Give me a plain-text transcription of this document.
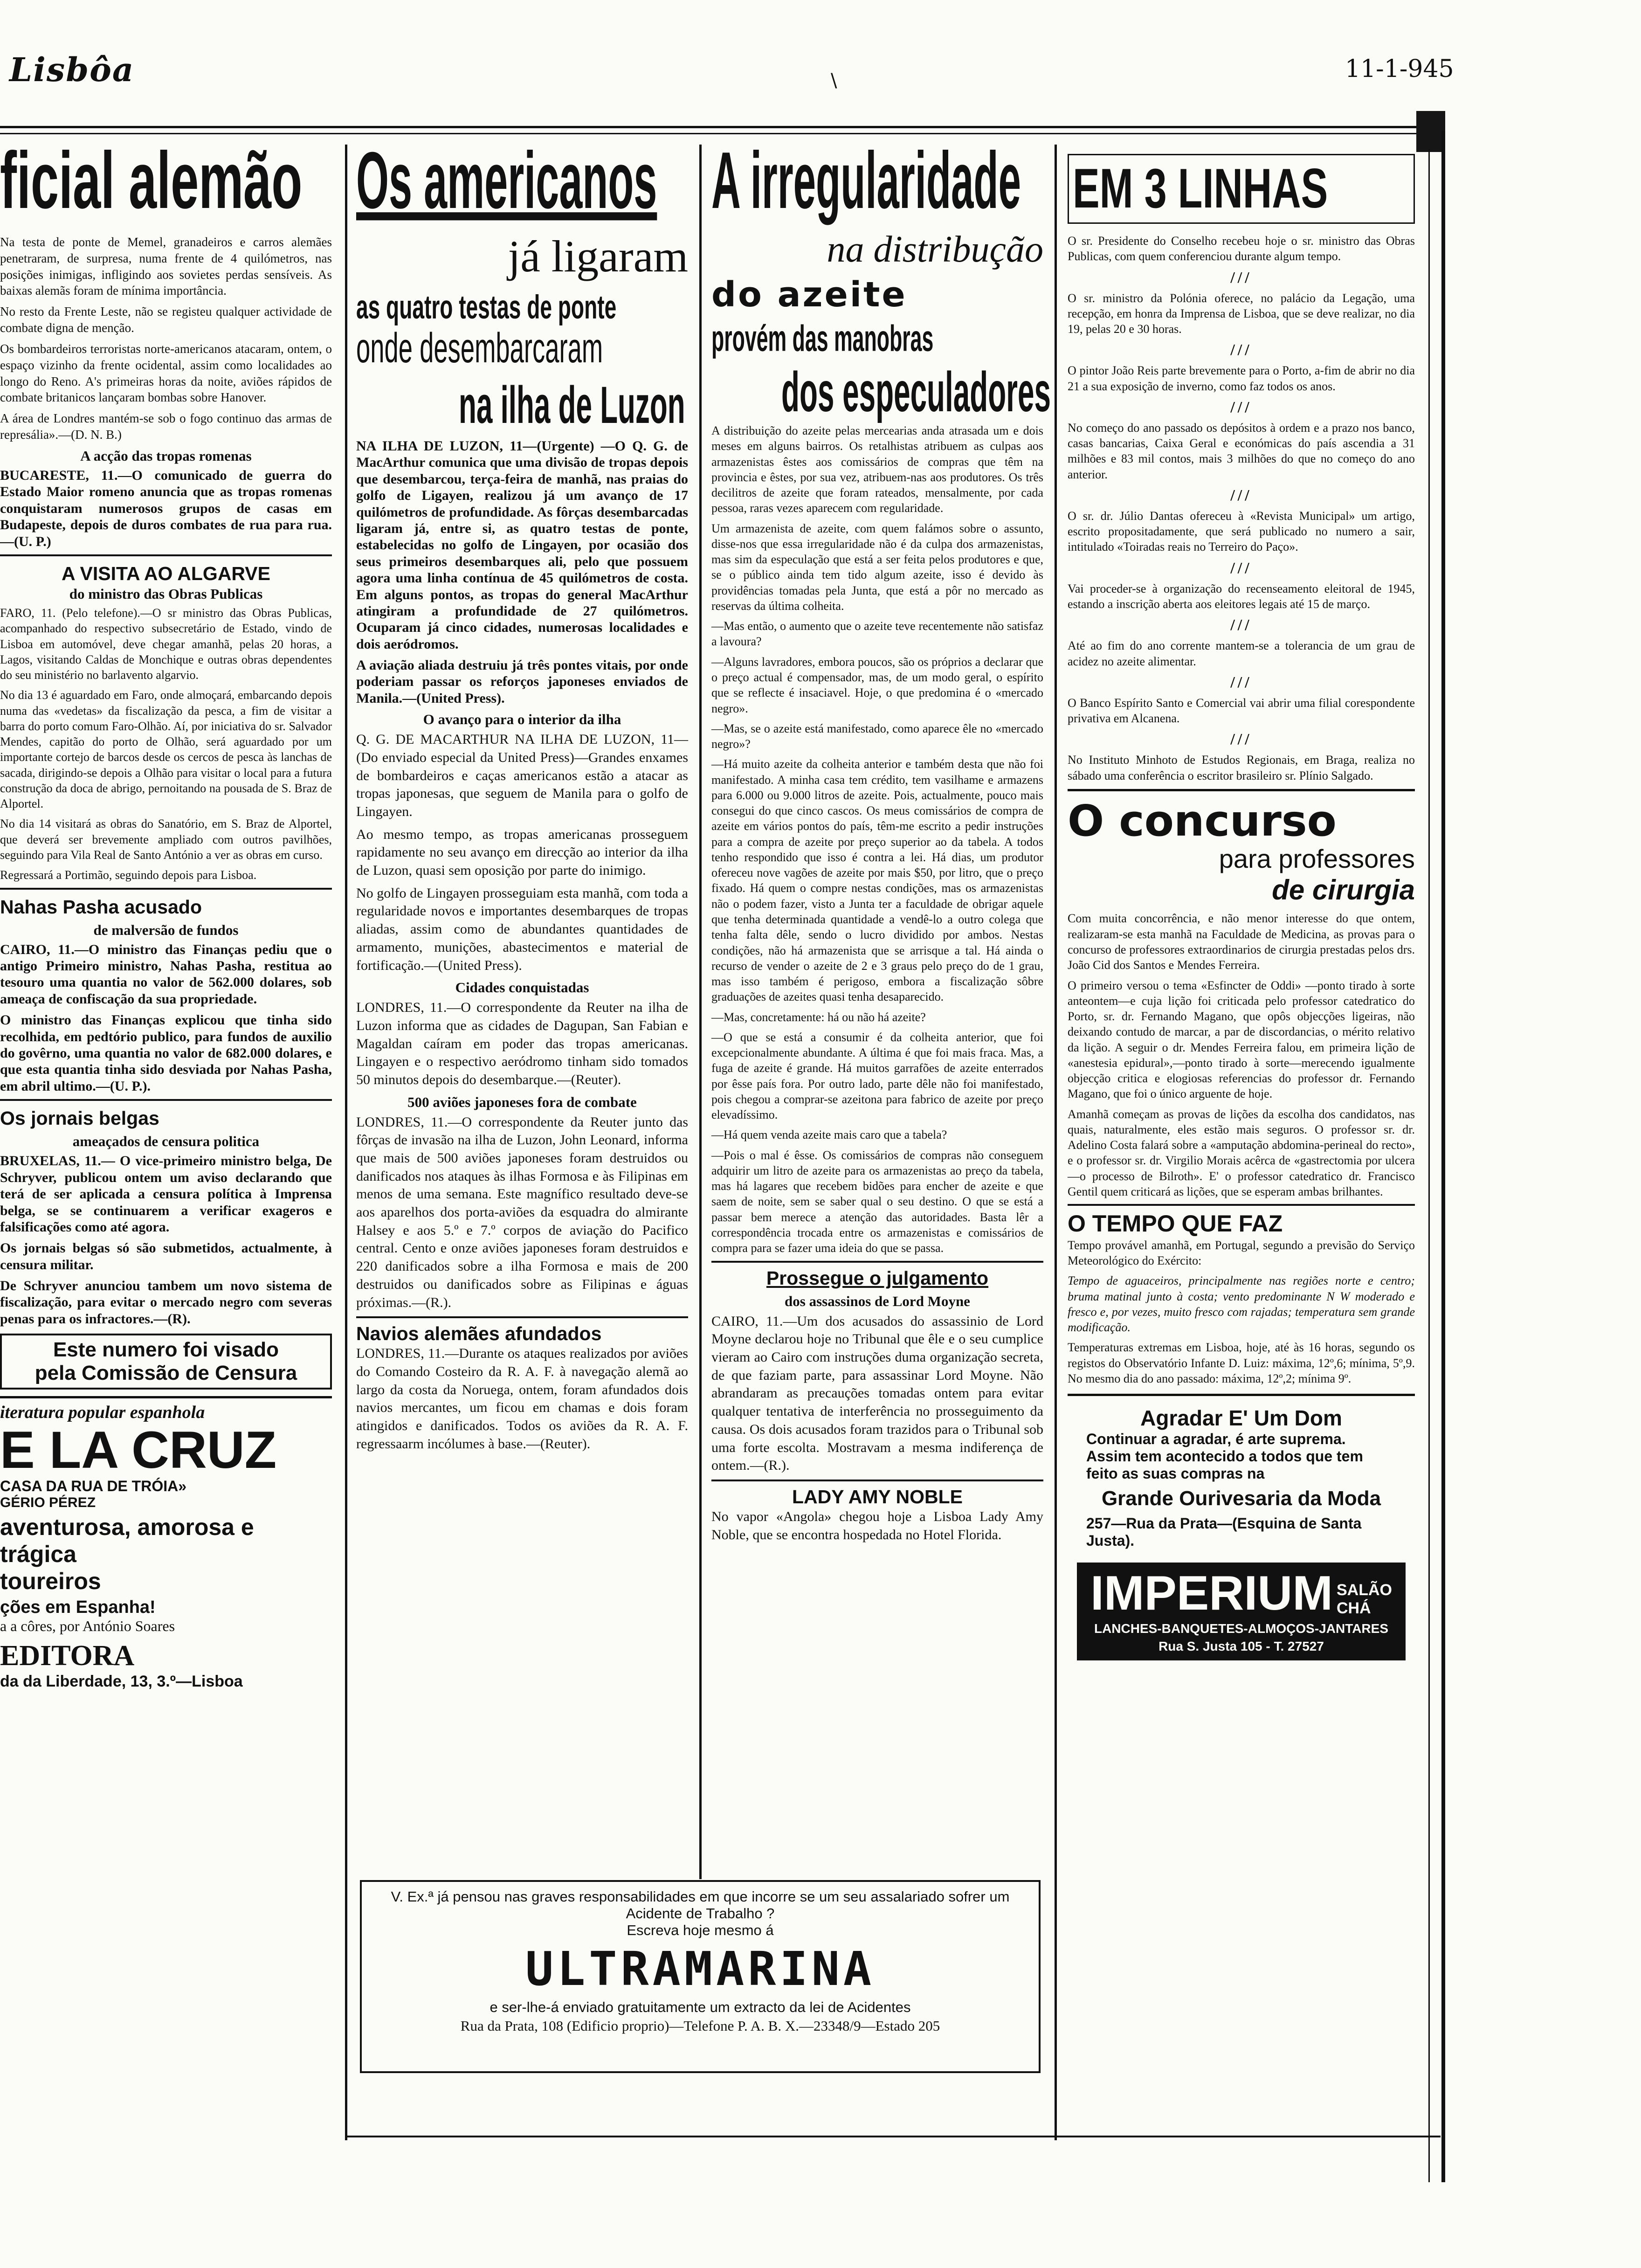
Lisbôa	\	11-1-945
ficial alemão

Na testa de ponte de Memel, granadeiros e carros alemães penetraram, de surpresa, numa frente de 4 quilómetros, nas posições inimigas, infligindo aos sovietes perdas sensíveis. As baixas alemãs foram de mínima importância.

No resto da Frente Leste, não se registeu qualquer actividade de combate digna de menção.

Os bombardeiros terroristas norte-americanos atacaram, ontem, o espaço vizinho da frente ocidental, assim como localidades ao longo do Reno. A's primeiras horas da noite, aviões rápidos de combate britanicos lançaram bombas sobre Hanover.

A área de Londres mantém-se sob o fogo continuo das armas de represália».—(D. N. B.)

A acção das tropas romenas

BUCARESTE, 11.—O comunicado de guerra do Estado Maior romeno anuncia que as tropas romenas conquistaram numerosos grupos de casas em Budapeste, depois de duros combates de rua para rua.—(U. P.)

A VISITA AO ALGARVE
do ministro das Obras Publicas

FARO, 11. (Pelo telefone).—O sr ministro das Obras Publicas, acompanhado do respectivo subsecretário de Estado, vindo de Lisboa em automóvel, deve chegar amanhã, pelas 20 horas, a Lagos, visitando Caldas de Monchique e outras obras dependentes do seu ministério no barlavento algarvio.

No dia 13 é aguardado em Faro, onde almoçará, embarcando depois numa das «vedetas» da fiscalização da pesca, a fim de visitar a barra do porto comum Faro-Olhão. Aí, por iniciativa do sr. Salvador Mendes, capitão do porto de Olhão, será aguardado por um importante cortejo de barcos desde os cercos de pesca às lanchas de sacada, dirigindo-se depois a Olhão para visitar o local para a futura construção da doca de abrigo, pernoitando na pousada de S. Braz de Alportel.

No dia 14 visitará as obras do Sanatório, em S. Braz de Alportel, que deverá ser brevemente ampliado com outros pavilhões, seguindo para Vila Real de Santo António a ver as obras em curso.

Regressará a Portimão, seguindo depois para Lisboa.

Nahas Pasha acusado
de malversão de fundos

CAIRO, 11.—O ministro das Finanças pediu que o antigo Primeiro ministro, Nahas Pasha, restitua ao tesouro uma quantia no valor de 562.000 dolares, sob ameaça de confiscação da sua propriedade.

O ministro das Finanças explicou que tinha sido recolhida, em pedtório publico, para fundos de auxilio do govêrno, uma quantia no valor de 682.000 dolares, e que esta quantia tinha sido desviada por Nahas Pasha, em abril ultimo.—(U. P.).

Os jornais belgas
ameaçados de censura politica

BRUXELAS, 11.— O vice-primeiro ministro belga, De Schryver, publicou ontem um aviso declarando que terá de ser aplicada a censura política à Imprensa belga, se se continuarem a verificar exageros e falsificações como até agora.

Os jornais belgas só são submetidos, actualmente, à censura militar.

De Schryver anunciou tambem um novo sistema de fiscalização, para evitar o mercado negro com severas penas para os infractores.—(R).

Este numero foi visado
pela Comissão de Censura
iteratura popular espanhola
E LA CRUZ
CASA DA RUA DE TRÓIA»
GÉRIO PÉREZ
aventurosa, amorosa e trágica
toureiros
ções em Espanha!
a a côres, por António Soares
EDITORA
da da Liberdade, 13, 3.º—Lisboa
Os americanos
já ligaram
as quatro testas de ponte
onde desembarcaram
na ilha de Luzon

NA ILHA DE LUZON, 11—(Urgente) —O Q. G. de MacArthur comunica que uma divisão de tropas depois que desembarcou, terça-feira de manhã, nas praias do golfo de Ligayen, realizou já um avanço de 17 quilómetros de profundidade. As fôrças desembarcadas ligaram já, entre si, as quatro testas de ponte, estabelecidas no golfo de Lingayen, por ocasião dos seus primeiros desembarques ali, pelo que possuem agora uma linha contínua de 45 quilómetros de costa. Em alguns pontos, as tropas do general MacArthur atingiram a profundidade de 27 quilómetros. Ocuparam já cinco cidades, numerosas localidades e dois aeródromos.

A aviação aliada destruiu já três pontes vitais, por onde poderiam passar os reforços japoneses enviados de Manila.—(United Press).

O avanço para o interior da ilha

Q. G. DE MACARTHUR NA ILHA DE LUZON, 11—(Do enviado especial da United Press)—Grandes enxames de bombardeiros e caças americanos estão a atacar as tropas japonesas, que seguem de Manila para o golfo de Lingayen.

Ao mesmo tempo, as tropas americanas prosseguem rapidamente no seu avanço em direcção ao interior da ilha de Luzon, quasi sem oposição por parte do inimigo.

No golfo de Lingayen prosseguiam esta manhã, com toda a regularidade novos e importantes desembarques de tropas aliadas, assim como de abundantes quantidades de armamento, munições, abastecimentos e material de fortificação.—(United Press).

Cidades conquistadas

LONDRES, 11.—O correspondente da Reuter na ilha de Luzon informa que as cidades de Dagupan, San Fabian e Magaldan caíram em poder das tropas americanas. Lingayen e o respectivo aeródromo tinham sido tomados 50 minutos depois do desembarque.—(Reuter).

500 aviões japoneses fora de combate

LONDRES, 11.—O correspondente da Reuter junto das fôrças de invasão na ilha de Luzon, John Leonard, informa que mais de 500 aviões japoneses foram destruidos ou danificados nos ataques às ilhas Formosa e às Filipinas em menos de uma semana. Este magnífico resultado deve-se aos aparelhos dos porta-aviões da esquadra do almirante Halsey e aos 5.º e 7.º corpos de aviação do Pacifico central. Cento e onze aviões japoneses foram destruidos e 220 danificados sobre a ilha Formosa e mais de 200 destruidos ou danificados sobre as Filipinas e águas próximas.—(R.).

Navios alemães afundados

LONDRES, 11.—Durante os ataques realizados por aviões do Comando Costeiro da R. A. F. à navegação alemã ao largo da costa da Noruega, ontem, foram afundados dois navios mercantes, um ficou em chamas e dois foram atingidos e danificados. Todos os aviões da R. A. F. regressaarm incólumes à base.—(Reuter).

A irregularidade
na distribução
do azeite
provém das manobras
dos especuladores

A distribuição do azeite pelas mercearias anda atrasada um e dois meses em alguns bairros. Os retalhistas atribuem as culpas aos armazenistas êstes aos comissários de compras que têm na provincia e êstes, por sua vez, atribuem-nas aos produtores. Os três decilitros de azeite que foram rateados, mensalmente, por cada pessoa, raras vezes aparecem com regularidade.

Um armazenista de azeite, com quem falámos sobre o assunto, disse-nos que essa irregularidade não é da culpa dos armazenistas, mas sim da especulação que está a ser feita pelos produtores e que, se o público ainda tem tido algum azeite, isso é devido às providências tomadas pela Junta, que está a pôr no mercado as reservas da última colheita.

—Mas então, o aumento que o azeite teve recentemente não satisfaz a lavoura?

—Alguns lavradores, embora poucos, são os próprios a declarar que o preço actual é compensador, mas, de um modo geral, o espírito que se reflecte é insaciavel. Hoje, o que predomina é o «mercado negro».

—Mas, se o azeite está manifestado, como aparece êle no «mercado negro»?

—Há muito azeite da colheita anterior e também desta que não foi manifestado. A minha casa tem crédito, tem vasilhame e armazens para 6.000 ou 9.000 litros de azeite. Pois, actualmente, pouco mais consegui do que cinco cascos. Os meus comissários de compra de azeite em vários pontos do país, têm-me escrito a pedir instruções para a compra de azeite por preço superior ao da tabela. A todos tenho respondido que isso é contra a lei. Há dias, um produtor ofereceu nove vagões de azeite por mais $50, por litro, que o preço fixado. Há quem o compre nestas condições, mas os armazenistas não o podem fazer, visto a Junta ter a faculdade de obrigar aquele que tenha determinada quantidade a vendê-lo a outro colega que tenha falta dêle, sendo o lucro dividido por ambos. Nestas condições, não há armazenista que se arrisque a tal. Há ainda o recurso de vender o azeite de 2 e 3 graus pelo preço do de 1 grau, mas isso também é perigoso, embora a fiscalização sôbre graduações de azeites quasi tenha desaparecido.

—Mas, concretamente: há ou não há azeite?

—O que se está a consumir é da colheita anterior, que foi excepcionalmente abundante. A última é que foi mais fraca. Mas, a fuga de azeite é grande. Há muitos garrafões de azeite enterrados por êsse país fora. Por outro lado, parte dêle não foi manifestado, pois chegou a comprar-se azeitona para fabrico de azeite por preço elevadíssimo.

—Há quem venda azeite mais caro que a tabela?

—Pois o mal é êsse. Os comissários de compras não conseguem adquirir um litro de azeite para os armazenistas ao preço da tabela, mas há lagares que recebem bidões para encher de azeite e que saem de noite, sem se saber qual o seu destino. O que se está a passar bem merece a atenção das autoridades. Basta lêr a correspondência trocada entre os armazenistas e comissários de compra para se fazer uma ideia do que se passa.

Prossegue o julgamento
dos assassinos de Lord Moyne

CAIRO, 11.—Um dos acusados do assassinio de Lord Moyne declarou hoje no Tribunal que êle e o seu cumplice vieram ao Cairo com instruções duma organização secreta, de que faziam parte, para assassinar Lord Moyne. Não abrandaram as precauções tomadas ontem para evitar qualquer tentativa de interferência no prosseguimento da causa. Os dois acusados foram trazidos para o Tribunal sob uma forte escolta. Mostravam a mesma indiferença de ontem.—(R.).

LADY AMY NOBLE

No vapor «Angola» chegou hoje a Lisboa Lady Amy Noble, que se encontra hospedada no Hotel Florida.

EM 3 LINHAS

O sr. Presidente do Conselho recebeu hoje o sr. ministro das Obras Publicas, com quem conferenciou durante algum tempo.

///

O sr. ministro da Polónia oferece, no palácio da Legação, uma recepção, em honra da Imprensa de Lisboa, que se deve realizar, no dia 19, pelas 20 e 30 horas.

///

O pintor João Reis parte brevemente para o Porto, a-fim de abrir no dia 21 a sua exposição de inverno, como faz todos os anos.

///

No começo do ano passado os depósitos à ordem e a prazo nos banco, casas bancarias, Caixa Geral e económicas do país ascendia a 31 milhões e 83 mil contos, mais 3 milhões do que no começo do ano anterior.

///

O sr. dr. Júlio Dantas ofereceu à «Revista Municipal» um artigo, escrito propositadamente, que será publicado no numero a sair, intitulado «Toiradas reais no Terreiro do Paço».

///

Vai proceder-se à organização do recenseamento eleitoral de 1945, estando a inscrição aberta aos eleitores legais até 15 de março.

///

Até ao fim do ano corrente mantem-se a tolerancia de um grau de acidez no azeite alimentar.

///

O Banco Espírito Santo e Comercial vai abrir uma filial corespondente privativa em Alcanena.

///

No Instituto Minhoto de Estudos Regionais, em Braga, realiza no sábado uma conferência o escritor brasileiro sr. Plínio Salgado.

O concurso
para professores
de cirurgia

Com muita concorrência, e não menor interesse do que ontem, realizaram-se esta manhã na Faculdade de Medicina, as provas para o concurso de professores extraordinarios de cirurgia prestadas pelos drs. João Cid dos Santos e Mendes Ferreira.

O primeiro versou o tema «Esfincter de Oddi» —ponto tirado à sorte anteontem—e cuja lição foi criticada pelo professor catedratico do Porto, sr. dr. Fernando Magano, que opôs objecções ligeiras, não deixando contudo de marcar, a par de discordancias, o mérito relativo da lição. A seguir o dr. Mendes Ferreira falou, em primeira lição de «anestesia epidural»,—ponto tirado à sorte—merecendo igualmente objecção critica e elogiosas referencias do professor dr. Fernando Magano, que foi o único arguente de hoje.

Amanhã começam as provas de lições da escolha dos candidatos, nas quais, naturalmente, eles estão mais seguros. O professor sr. dr. Adelino Costa falará sobre a «amputação abdomina-perineal do recto», e o professor sr. dr. Virgilio Morais acêrca de «gastrectomia por ulcera—o processo de Bilroth». E' o professor catedratico dr. Francisco Gentil quem criticará as lições, que se esperam ambas brilhantes.

O TEMPO QUE FAZ

Tempo provável amanhã, em Portugal, segundo a previsão do Serviço Meteorológico do Exército:

Tempo de aguaceiros, principalmente nas regiões norte e centro; bruma matinal junto à costa; vento predominante N W moderado e fresco e, por vezes, muito fresco com rajadas; temperatura sem grande modificação.

Temperaturas extremas em Lisboa, hoje, até às 16 horas, segundo os registos do Observatório Infante D. Luiz: máxima, 12º,6; mínima, 5º,9. No mesmo dia do ano passado: máxima, 12º,2; mínima 9º.

Agradar E' Um Dom
Continuar a agradar, é arte suprema.
Assim tem acontecido a todos que tem feito as suas compras na
Grande Ourivesaria da Moda
257—Rua da Prata—(Esquina de Santa Justa).
IMPERIUM SALÃO
CHÁ
LANCHES-BANQUETES-ALMOÇOS-JANTARES
Rua S. Justa 105 - T. 27527
V. Ex.ª já pensou nas graves responsabilidades em que incorre se um seu assalariado sofrer um Acidente de Trabalho ?
Escreva hoje mesmo á
ULTRAMARINA
e ser-lhe-á enviado gratuitamente um extracto da lei de Acidentes
Rua da Prata, 108 (Edificio proprio)—Telefone P. A. B. X.—23348/9—Estado 205
